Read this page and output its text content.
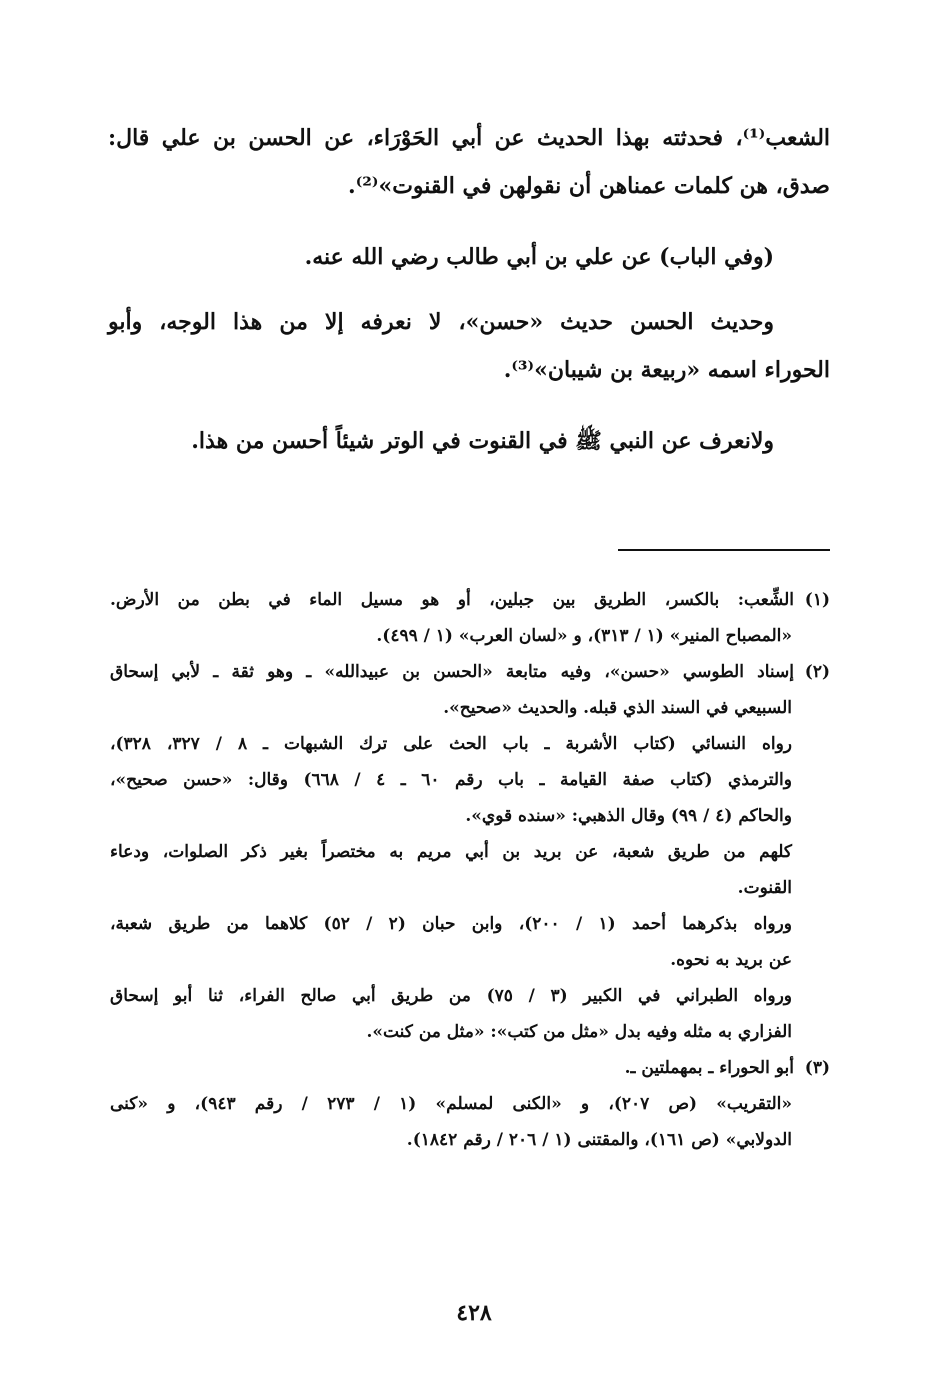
الشعب⁽¹⁾، فحدثته بهذا الحديث عن أبي الحَوْرَاء، عن الحسن بن علي قال:
صدق، هن كلمات عمناهن أن نقولهن في القنوت»⁽²⁾.
(وفي الباب) عن علي بن أبي طالب رضي الله عنه.
وحديث الحسن حديث «حسن»، لا نعرفه إلا من هذا الوجه، وأبو
الحوراء اسمه «ربيعة بن شيبان»⁽³⁾.
ولانعرف عن النبي ﷺ في القنوت في الوتر شيئاً أحسن من هذا.
(١)الشِّعب: بالكسر، الطريق بين جبلين، أو هو مسيل الماء في بطن من الأرض.
«المصباح المنير» (١ / ٣١٣)، و «لسان العرب» (١ / ٤٩٩).
(٢)إسناد الطوسي «حسن»، وفيه متابعة «الحسن بن عبيدالله» ـ وهو ثقة ـ لأبي إسحاق
السبيعي في السند الذي قبله. والحديث «صحيح».
رواه النسائي (كتاب الأشربة ـ باب الحث على ترك الشبهات ـ ٨ / ٣٢٧، ٣٢٨)،
والترمذي (كتاب صفة القيامة ـ باب رقم ٦٠ ـ ٤ / ٦٦٨) وقال: «حسن صحيح»،
والحاكم (٤ / ٩٩) وقال الذهبي: «سنده قوي».
كلهم من طريق شعبة، عن بريد بن أبي مريم به مختصراً بغير ذكر الصلوات، ودعاء
القنوت.
ورواه بذكرهما أحمد (١ / ٢٠٠)، وابن حبان (٢ / ٥٢) كلاهما من طريق شعبة،
عن بريد به نحوه.
ورواه الطبراني في الكبير (٣ / ٧٥) من طريق أبي صالح الفراء، ثنا أبو إسحاق
الفزاري به مثله وفيه بدل «مثل من كتب»: «مثل من كنت».
(٣)أبو الحوراء ـ بمهملتين ـ.
«التقريب» (ص ٢٠٧)، و «الكنى لمسلم» (١ / ٢٧٣ / رقم ٩٤٣)، و «كنى
الدولابي» (ص ١٦١)، والمقتنى (١ / ٢٠٦ / رقم ١٨٤٢).
٤٢٨
